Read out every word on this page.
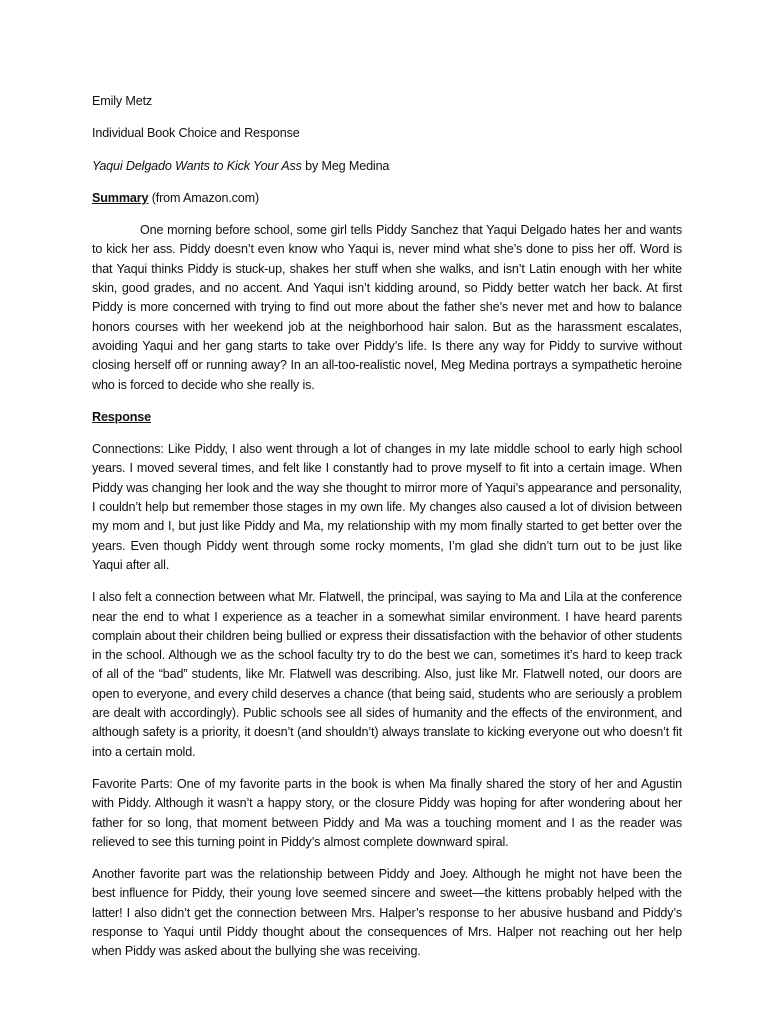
Emily Metz

Individual Book Choice and Response

Yaqui Delgado Wants to Kick Your Ass by Meg Medina

Summary (from Amazon.com)

One morning before school, some girl tells Piddy Sanchez that Yaqui Delgado hates her and wants to kick her ass. Piddy doesn’t even know who Yaqui is, never mind what she’s done to piss her off. Word is that Yaqui thinks Piddy is stuck-up, shakes her stuff when she walks, and isn’t Latin enough with her white skin, good grades, and no accent. And Yaqui isn’t kidding around, so Piddy better watch her back. At first Piddy is more concerned with trying to find out more about the father she’s never met and how to balance honors courses with her weekend job at the neighborhood hair salon. But as the harassment escalates, avoiding Yaqui and her gang starts to take over Piddy’s life. Is there any way for Piddy to survive without closing herself off or running away? In an all-too-realistic novel, Meg Medina portrays a sympathetic heroine who is forced to decide who she really is.

Response

Connections: Like Piddy, I also went through a lot of changes in my late middle school to early high school years. I moved several times, and felt like I constantly had to prove myself to fit into a certain image. When Piddy was changing her look and the way she thought to mirror more of Yaqui’s appearance and personality, I couldn’t help but remember those stages in my own life. My changes also caused a lot of division between my mom and I, but just like Piddy and Ma, my relationship with my mom finally started to get better over the years. Even though Piddy went through some rocky moments, I’m glad she didn’t turn out to be just like Yaqui after all.

I also felt a connection between what Mr. Flatwell, the principal, was saying to Ma and Lila at the conference near the end to what I experience as a teacher in a somewhat similar environment. I have heard parents complain about their children being bullied or express their dissatisfaction with the behavior of other students in the school. Although we as the school faculty try to do the best we can, sometimes it’s hard to keep track of all of the “bad” students, like Mr. Flatwell was describing. Also, just like Mr. Flatwell noted, our doors are open to everyone, and every child deserves a chance (that being said, students who are seriously a problem are dealt with accordingly). Public schools see all sides of humanity and the effects of the environment, and although safety is a priority, it doesn’t (and shouldn’t) always translate to kicking everyone out who doesn’t fit into a certain mold.

Favorite Parts: One of my favorite parts in the book is when Ma finally shared the story of her and Agustin with Piddy. Although it wasn’t a happy story, or the closure Piddy was hoping for after wondering about her father for so long, that moment between Piddy and Ma was a touching moment and I as the reader was relieved to see this turning point in Piddy’s almost complete downward spiral.

Another favorite part was the relationship between Piddy and Joey. Although he might not have been the best influence for Piddy, their young love seemed sincere and sweet—the kittens probably helped with the latter! I also didn’t get the connection between Mrs. Halper’s response to her abusive husband and Piddy’s response to Yaqui until Piddy thought about the consequences of Mrs. Halper not reaching out her help when Piddy was asked about the bullying she was receiving.
